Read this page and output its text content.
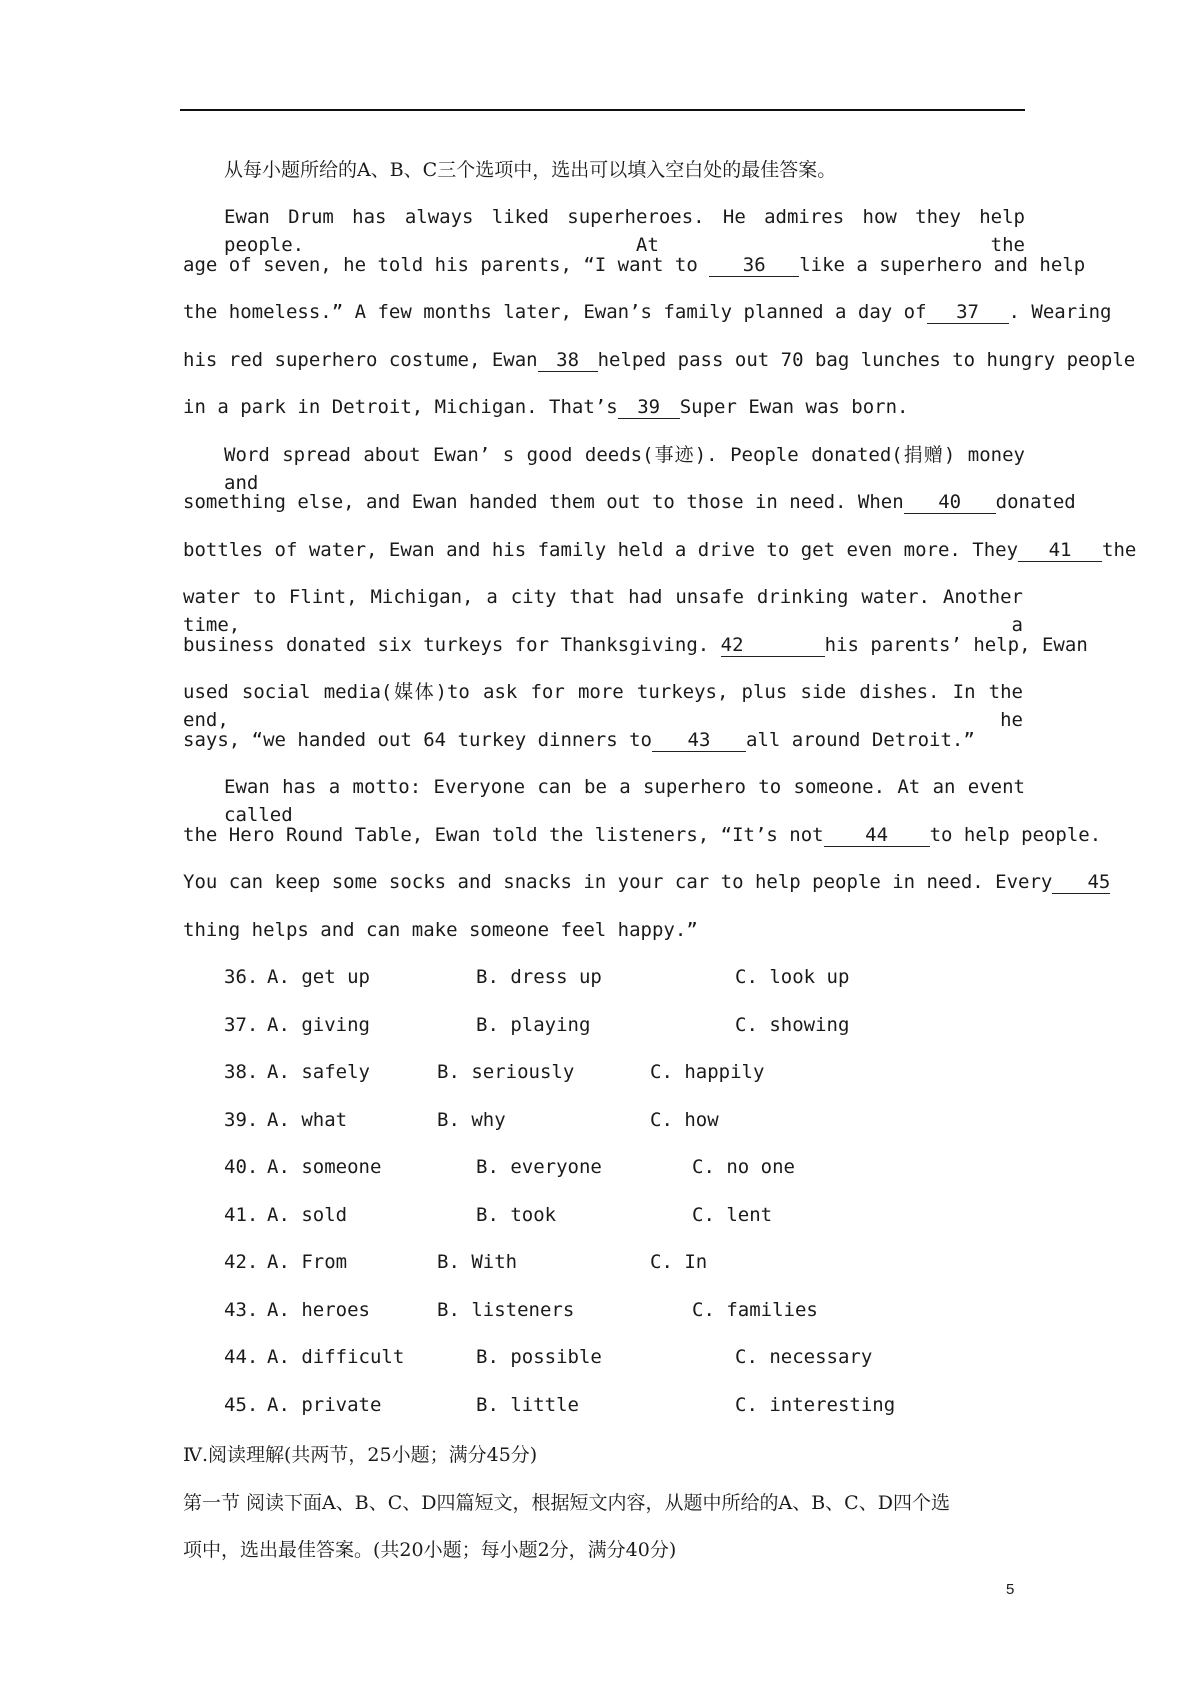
从每小题所给的A、B、C三个选项中，选出可以填入空白处的最佳答案。
Ewan Drum has always liked superheroes. He admires how they help people. At the
age of seven, he told his parents, “I want to 36 like a superhero and help
the homeless.” A few months later, Ewan’s family planned a day of 37 . Wearing
his red superhero costume, Ewan 38 helped pass out 70 bag lunches to hungry people
in a park in Detroit, Michigan. That’s 39 Super Ewan was born.
Word spread about Ewan’ s good deeds(事迹). People donated(捐赠) money and
something else, and Ewan handed them out to those in need. When 40 donated
bottles of water, Ewan and his family held a drive to get even more. They 41 the
water to Flint, Michigan, a city that had unsafe drinking water. Another time, a
business donated six turkeys for Thanksgiving. 42	his parents’ help, Ewan
used social media(媒体)to ask for more turkeys, plus side dishes. In the end, he
says, “we handed out 64 turkey dinners to 43 all around Detroit.”
Ewan has a motto: Everyone can be a superhero to someone. At an event called
the Hero Round Table, Ewan told the listeners, “It’s not 44 to help people.
You can keep some socks and snacks in your car to help people in need. Every 45
thing helps and can make someone feel happy.”
36. A. get up	B. dress up	C. look up
37. A. giving	B. playing	C. showing
38. A. safely	B. seriously	C. happily
39. A. what	B. why	C. how
40. A. someone	B. everyone	C. no one
41. A. sold	B. took	C. lent
42. A. From	B. With	C. In
43. A. heroes	B. listeners	C. families
44. A. difficult	B. possible	C. necessary
45. A. private	B. little	C. interesting
Ⅳ.阅读理解(共两节，25小题；满分45分)
第一节 阅读下面A、B、C、D四篇短文，根据短文内容，从题中所给的A、B、C、D四个选
项中，选出最佳答案。(共20小题；每小题2分，满分40分)
5
